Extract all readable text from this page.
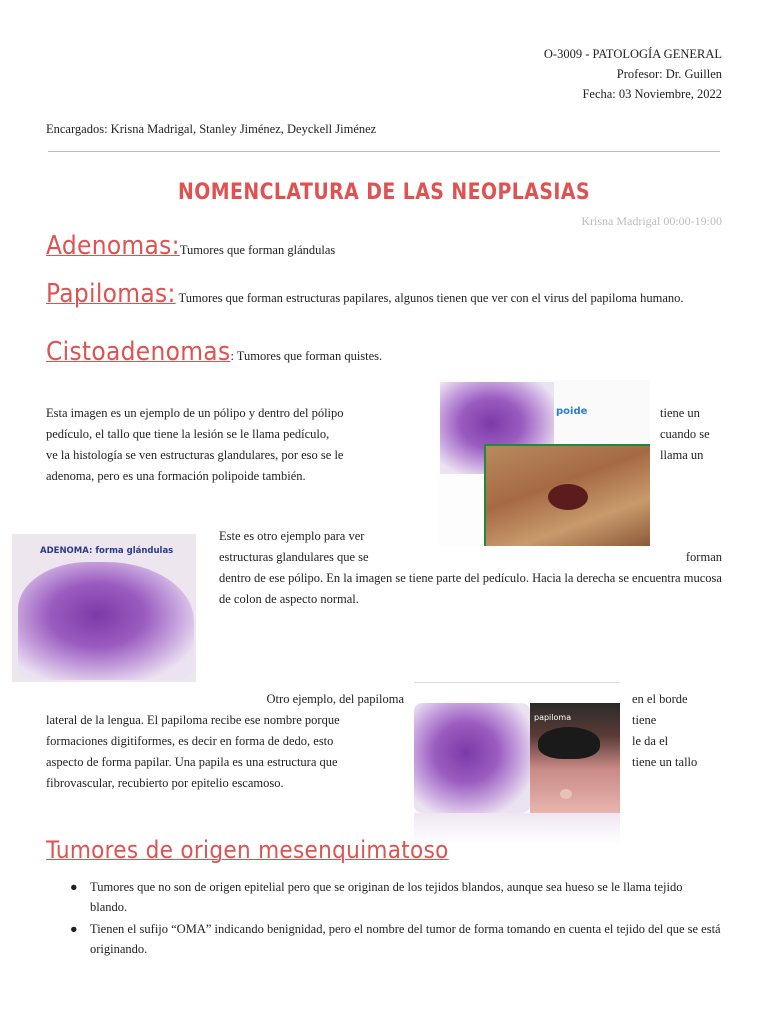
O-3009 - PATOLOGÍA GENERAL
Profesor: Dr. Guillen
Fecha: 03 Noviembre, 2022
Encargados: Krisna Madrigal, Stanley Jiménez, Deyckell Jiménez
NOMENCLATURA DE LAS NEOPLASIAS
Krisna Madrigal 00:00-19:00
Adenomas:Tumores que forman glándulas
Papilomas: Tumores que forman estructuras papilares, algunos tienen que ver con el virus del papiloma humano.
Cistoadenomas: Tumores que forman quistes.
Esta imagen es un ejemplo de un pólipo y dentro del pólipo
pedículo, el tallo que tiene la lesión se le llama pedículo,
ve la histología se ven estructuras glandulares, por eso se le
adenoma, pero es una formación polipoide también.
tiene un
cuando se
llama un
poide
ADENOMA: forma glándulas
Este es otro ejemplo para ver
estructuras glandulares que se	forman
dentro de ese pólipo. En la imagen se tiene parte del pedículo. Hacia la derecha se encuentra mucosa de colon de aspecto normal.
Otro ejemplo, del papiloma
lateral de la lengua. El papiloma recibe ese nombre porque
formaciones digitiformes, es decir en forma de dedo, esto
aspecto de forma papilar. Una papila es una estructura que
fibrovascular, recubierto por epitelio escamoso.
en el borde
tiene
le da el
tiene un tallo
papiloma
Tumores de origen mesenquimatoso
● Tumores que no son de origen epitelial pero que se originan de los tejidos blandos, aunque sea hueso se le llama tejido blando.
● Tienen el sufijo “OMA” indicando benignidad, pero el nombre del tumor de forma tomando en cuenta el tejido del que se está originando.
